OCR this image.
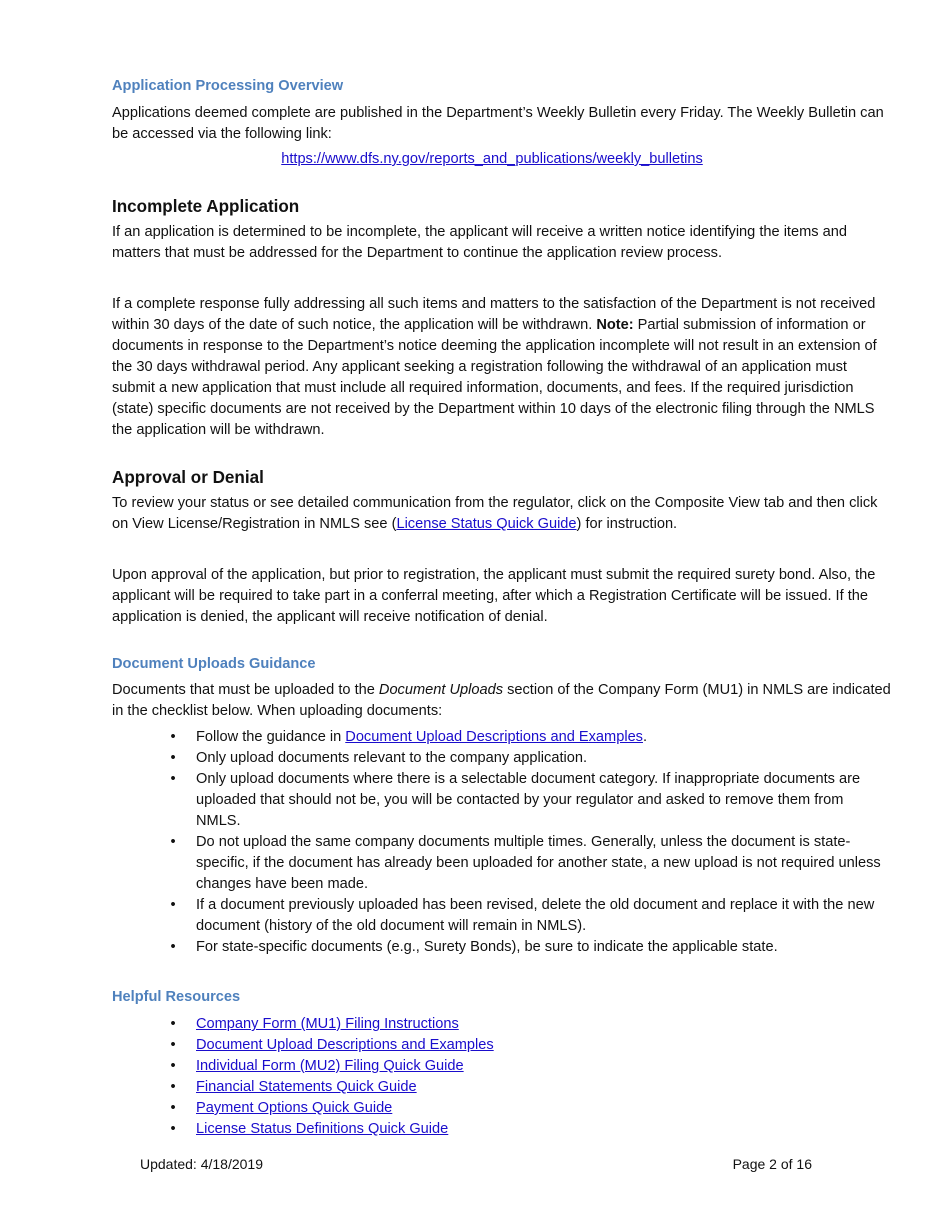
Application Processing Overview

Applications deemed complete are published in the Department’s Weekly Bulletin every Friday. The Weekly Bulletin can be accessed via the following link:

https://www.dfs.ny.gov/reports_and_publications/weekly_bulletins

Incomplete Application

If an application is determined to be incomplete, the applicant will receive a written notice identifying the items and matters that must be addressed for the Department to continue the application review process.

If a complete response fully addressing all such items and matters to the satisfaction of the Department is not received within 30 days of the date of such notice, the application will be withdrawn. Note: Partial submission of information or documents in response to the Department’s notice deeming the application incomplete will not result in an extension of the 30 days withdrawal period. Any applicant seeking a registration following the withdrawal of an application must submit a new application that must include all required information, documents, and fees. If the required jurisdiction (state) specific documents are not received by the Department within 10 days of the electronic filing through the NMLS the application will be withdrawn.

Approval or Denial

To review your status or see detailed communication from the regulator, click on the Composite View tab and then click on View License/Registration in NMLS see (License Status Quick Guide) for instruction.

Upon approval of the application, but prior to registration, the applicant must submit the required surety bond. Also, the applicant will be required to take part in a conferral meeting, after which a Registration Certificate will be issued. If the application is denied, the applicant will receive notification of denial.

Document Uploads Guidance

Documents that must be uploaded to the Document Uploads section of the Company Form (MU1) in NMLS are indicated in the checklist below. When uploading documents:

• Follow the guidance in Document Upload Descriptions and Examples.
• Only upload documents relevant to the company application.
• Only upload documents where there is a selectable document category. If inappropriate documents are uploaded that should not be, you will be contacted by your regulator and asked to remove them from NMLS.
• Do not upload the same company documents multiple times. Generally, unless the document is state-specific, if the document has already been uploaded for another state, a new upload is not required unless changes have been made.
• If a document previously uploaded has been revised, delete the old document and replace it with the new document (history of the old document will remain in NMLS).
• For state-specific documents (e.g., Surety Bonds), be sure to indicate the applicable state.
Helpful Resources
• Company Form (MU1) Filing Instructions
• Document Upload Descriptions and Examples
• Individual Form (MU2) Filing Quick Guide
• Financial Statements Quick Guide
• Payment Options Quick Guide
• License Status Definitions Quick Guide
Updated: 4/18/2019	Page 2 of 16
